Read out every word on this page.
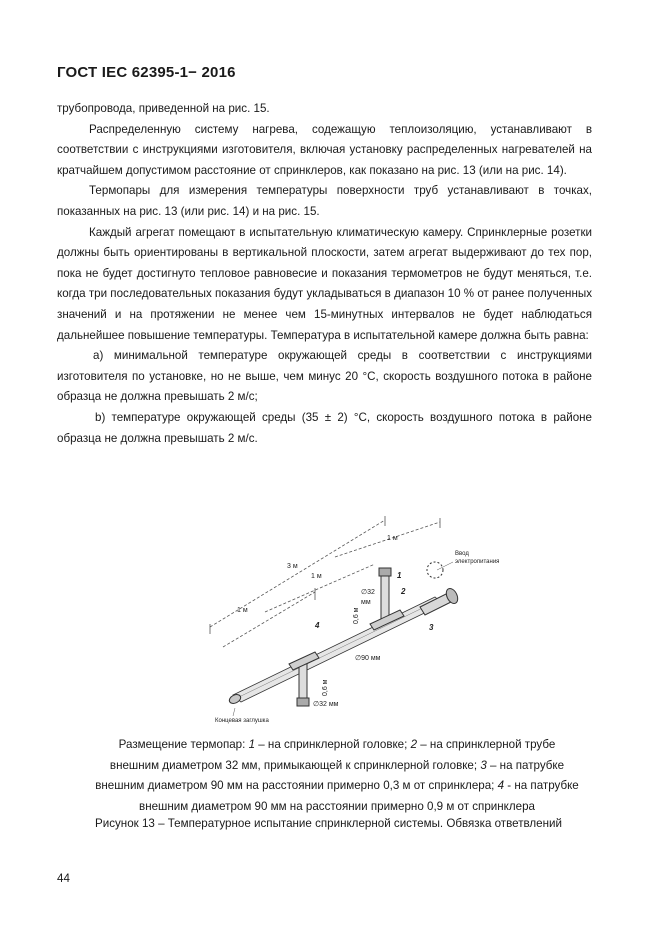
ГОСТ IEC 62395-1− 2016

трубопровода, приведенной на рис. 15.

Распределенную систему нагрева, содежащую теплоизоляцию, устанавливают в соответствии с инструкциями изготовителя, включая установку распределенных нагревателей на кратчайшем допустимом расстояние от спринклеров, как показано на рис. 13 (или на рис. 14).

Термопары для измерения температуры поверхности труб устанавливают в точках, показанных на рис. 13 (или рис. 14) и на рис. 15.

Каждый агрегат помещают в испытательную климатическую камеру. Спринклерные розетки должны быть ориентированы в вертикальной плоскости, затем агрегат выдерживают до тех пор, пока не будет достигнуто тепловое равновесие и показания термометров не будут меняться, т.е. когда три последовательных показания будут укладываться в диапазон 10 % от ранее полученных значений и на протяжении не менее чем 15-минутных интервалов не будет наблюдаться дальнейшее повышение температуры. Температура в испытательной камере должна быть равна:

a) минимальной температуре окружающей среды в соответствии с инструкциями изготовителя по установке, но не выше, чем минус 20 °С, скорость воздушного потока в районе образца не должна превышать 2 м/с;

b) температуре окружающей среды (35 ± 2) °С, скорость воздушного потока в районе образца не должна превышать 2 м/с.

1 м
3 м
1 м
1 м
Ввод
электропитания
∅32
мм
0,6 м
∅90 мм
0,6 м
∅32 мм
Концевая заглушка
1
2
3
4

Размещение термопар: 1 – на спринклерной головке; 2 – на спринклерной трубе

внешним диаметром 32 мм, примыкающей к спринклерной головке; 3 – на патрубке

внешним диаметром 90 мм на расстоянии примерно 0,3 м от спринклера; 4 - на патрубке

внешним диаметром 90 мм на расстоянии примерно 0,9 м от спринклера

Рисунок 13 – Температурное испытание спринклерной системы. Обвязка ответвлений
44
